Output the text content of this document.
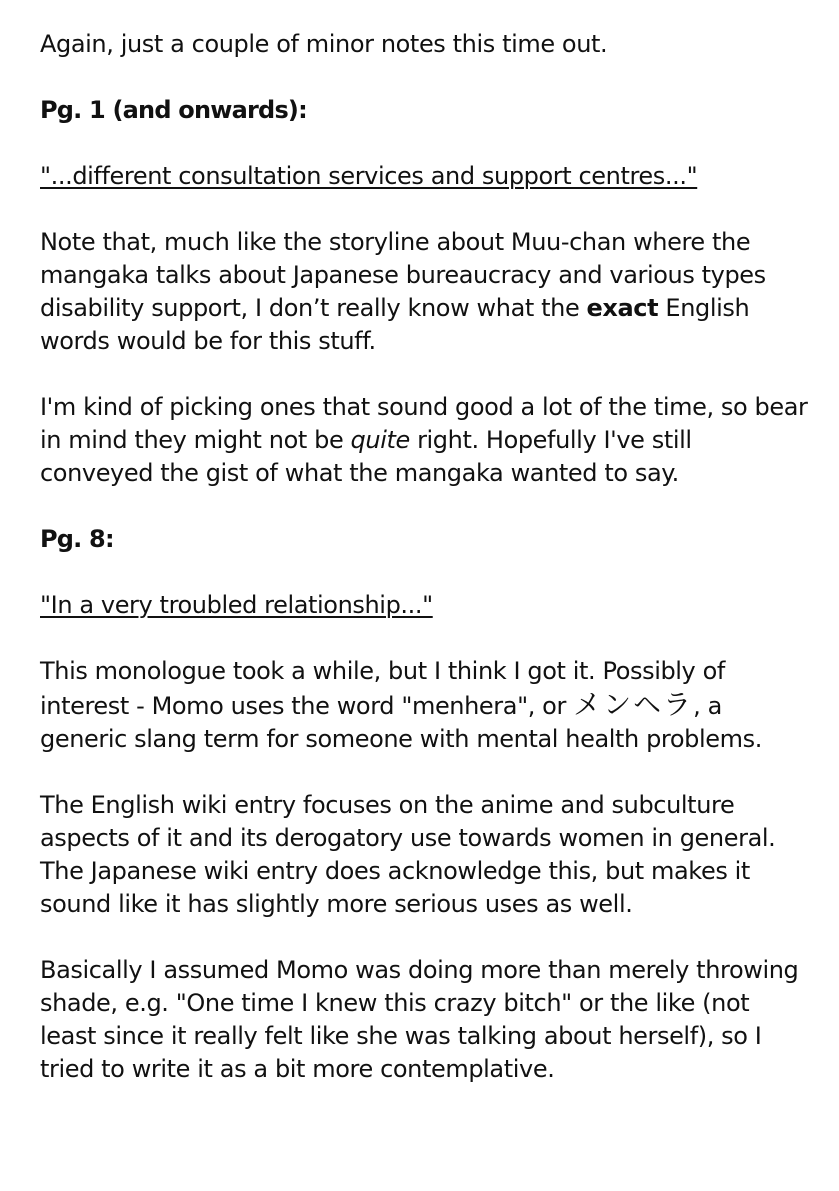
Again, just a couple of minor notes this time out.

Pg. 1 (and onwards):

"...different consultation services and support centres..."

Note that, much like the storyline about Muu-chan where the mangaka talks about Japanese bureaucracy and various types disability support, I don’t really know what the exact English words would be for this stuff.

I'm kind of picking ones that sound good a lot of the time, so bear in mind they might not be quite right. Hopefully I've still conveyed the gist of what the mangaka wanted to say.

Pg. 8:

"In a very troubled relationship..."

This monologue took a while, but I think I got it. Possibly of interest - Momo uses the word "menhera", or メンヘラ, a generic slang term for someone with mental health problems.

The English wiki entry focuses on the anime and subculture aspects of it and its derogatory use towards women in general. The Japanese wiki entry does acknowledge this, but makes it sound like it has slightly more serious uses as well.

Basically I assumed Momo was doing more than merely throwing shade, e.g. "One time I knew this crazy bitch" or the like (not least since it really felt like she was talking about herself), so I tried to write it as a bit more contemplative.
